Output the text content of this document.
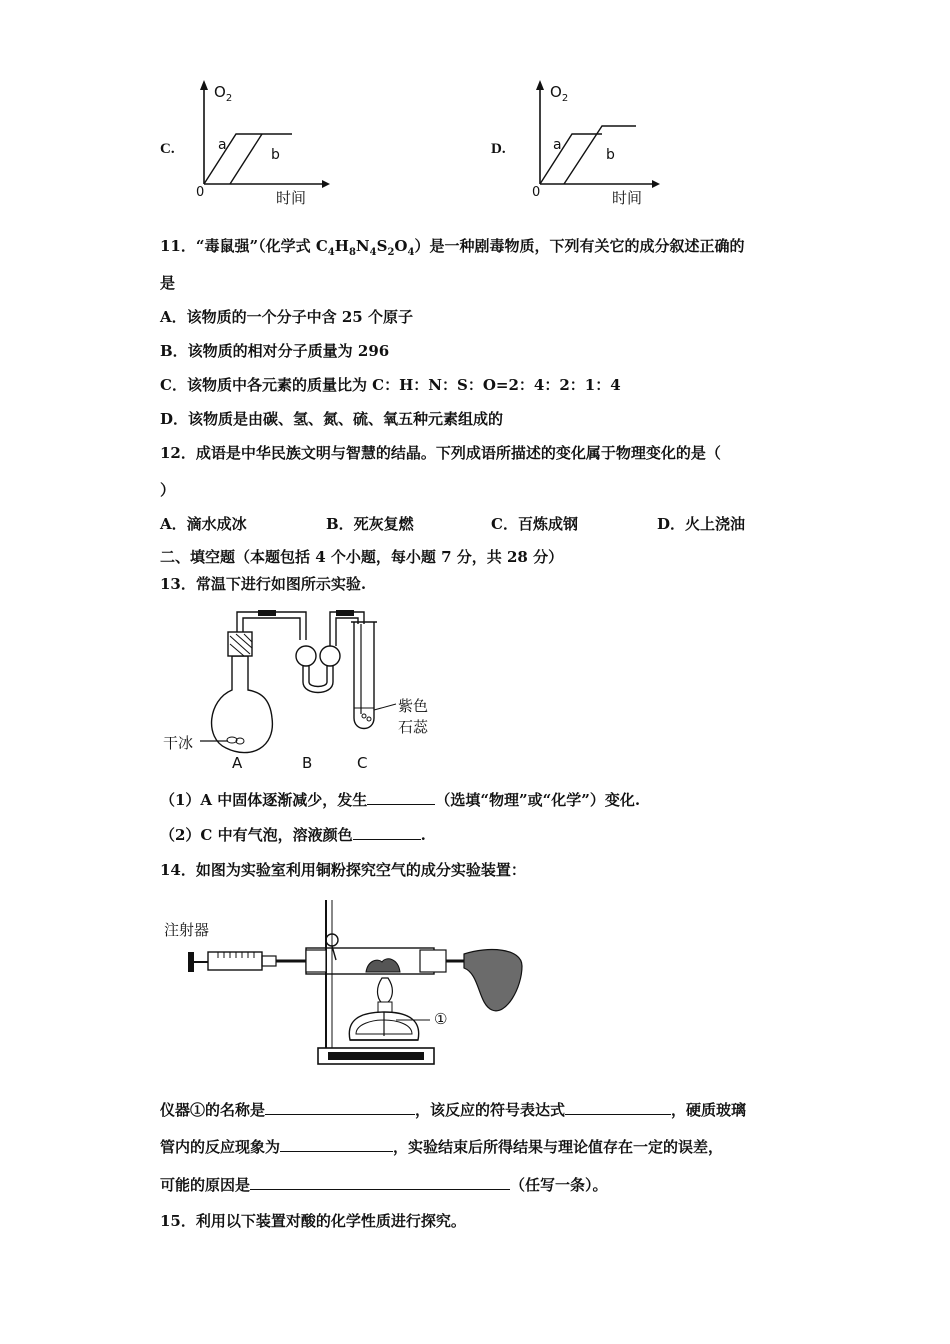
C.
$O_2$
0	时间
a
b	D.
$O_2$
0	时间
a
b
11．“毒鼠强”（化学式 $C_4H_8N_4S_2O_4$）是一种剧毒物质，下列有关它的成分叙述正确的
是
A．该物质的一个分子中含 25 个原子
B．该物质的相对分子质量为 296
C．该物质中各元素的质量比为 C：H：N：S：O=2：4：2：1：4
D．该物质是由碳、氢、氮、硫、氧五种元素组成的
12．成语是中华民族文明与智慧的结晶。下列成语所描述的变化属于物理变化的是（
）
A．滴水成冰	B．死灰复燃	C．百炼成钢	D．火上浇油
二、填空题（本题包括 4 个小题，每小题 7 分，共 28 分）
13．常温下进行如图所示实验.
干冰
紫色
石蕊
A	B	C
（1）A 中固体逐渐减少，发生	（选填“物理”或“化学”）变化.
（2）C 中有气泡，溶液颜色	.
14．如图为实验室利用铜粉探究空气的成分实验装置：
注射器
①
仪器①的名称是	，该反应的符号表达式	，硬质玻璃
管内的反应现象为	，实验结束后所得结果与理论值存在一定的误差，
可能的原因是	（任写一条）。
15．利用以下装置对酸的化学性质进行探究。
